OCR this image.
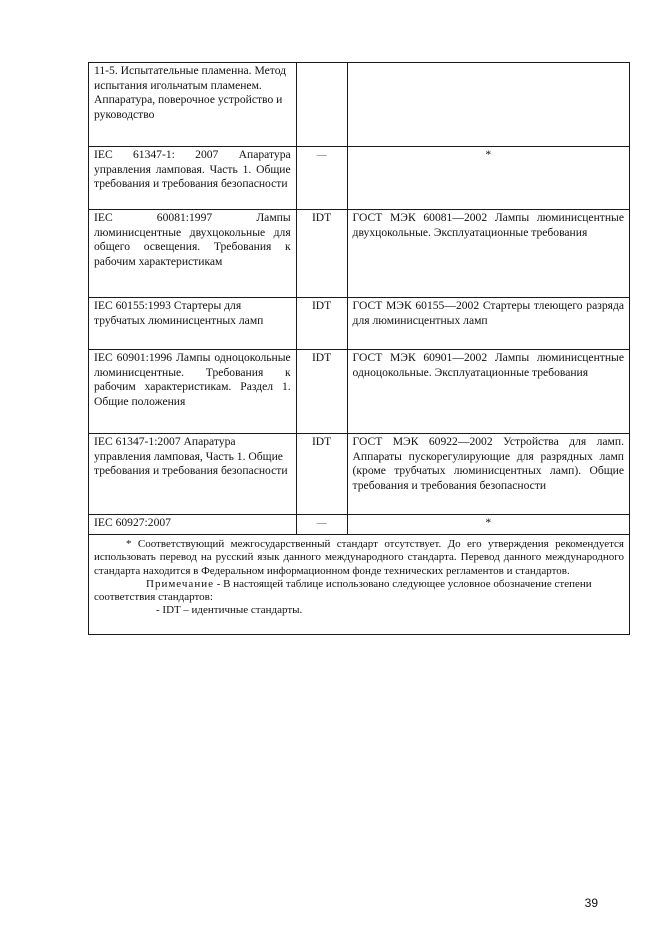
11-5. Испытательные пламенна. Метод испытания игольчатым пламенем. Аппаратура, поверочное устройство и руководство		
IEC 61347-1: 2007 Апаратура управления ламповая. Часть 1. Общие требования и требования безопасности	—	*
IEC 60081:1997 Лампы люминисцентные двухцокольные для общего освещения. Требования к рабочим характеристикам	IDT	ГОСТ МЭК 60081—2002 Лампы люминисцентные двухцокольные. Эксплуатационные требования
IEC 60155:1993 Стартеры для трубчатых люминисцентных ламп	IDT	ГОСТ МЭК 60155—2002 Стартеры тлеющего разряда для люминисцентных ламп
IEC 60901:1996 Лампы одноцокольные люминисцентные. Требования к рабочим характеристикам. Раздел 1. Общие положения	IDT	ГОСТ МЭК 60901—2002 Лампы люминисцентные одноцокольные. Эксплуатационные требования
IEC 61347-1:2007 Апаратура управления ламповая, Часть 1. Общие требования и требования безопасности	IDT	ГОСТ МЭК 60922—2002 Устройства для ламп. Аппараты пускорегулирующие для разрядных ламп (кроме трубчатых люминисцентных ламп). Общие требования и требования безопасности
IEC 60927:2007	—	*

* Соответствующий межгосударственный стандарт отсутствует. До его утверждения рекомендуется использовать перевод на русский язык данного международного стандарта. Перевод данного международного стандарта находится в Федеральном информационном фонде технических регламентов и стандартов.

Примечание - В настоящей таблице использовано следующее условное обозначение степени соответствия стандартов:

- IDT – идентичные стандарты.		

39
